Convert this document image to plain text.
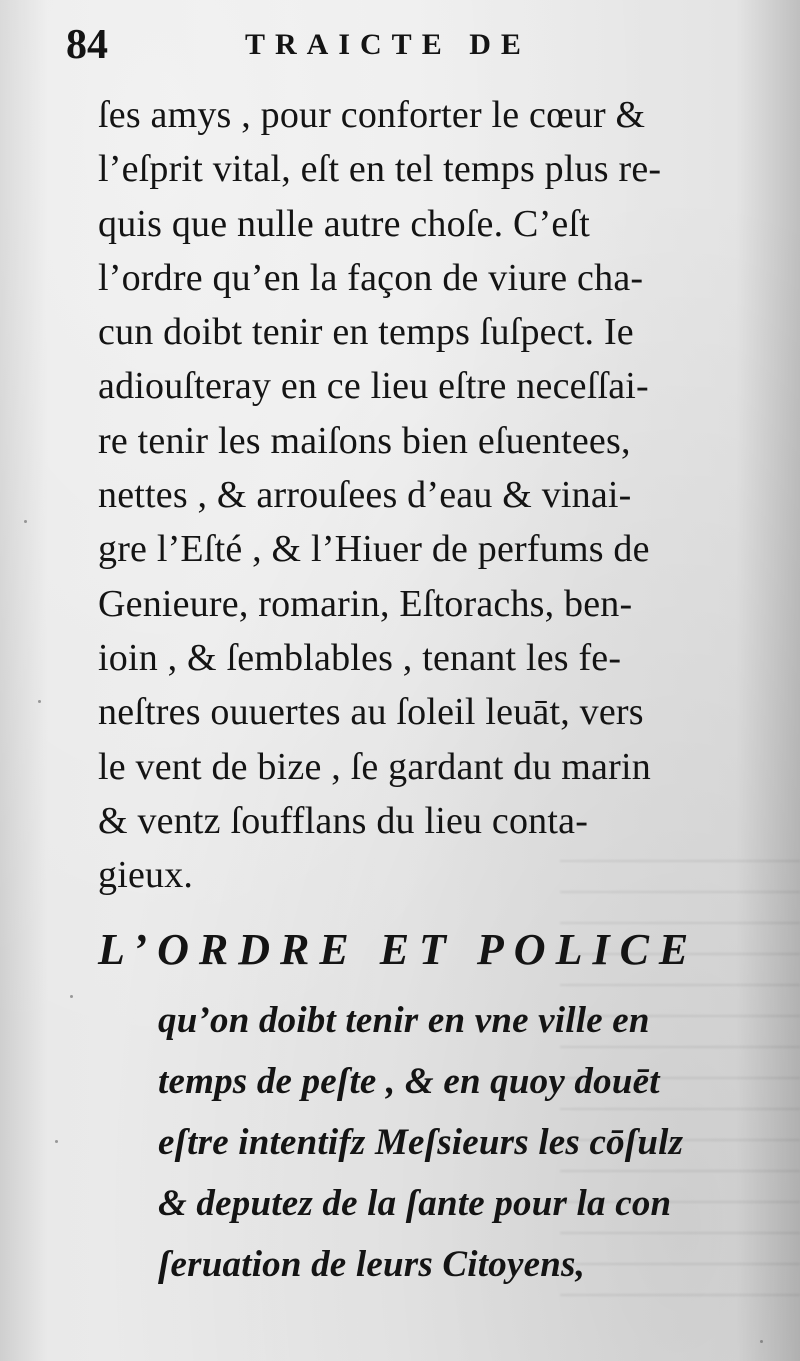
84	TRAICTE DE
ſes amys , pour conforter le cœur &
l’eſprit vital, eſt en tel temps plus re-
quis que nulle autre choſe. C’eſt
l’ordre qu’en la façon de viure cha-
cun doibt tenir en temps ſuſpect. Ie
adiouſteray en ce lieu eſtre neceſſai-
re tenir les maiſons bien eſuentees,
nettes , & arrouſees d’eau & vinai-
gre l’Eſté , & l’Hiuer de perfums de
Genieure, romarin, Eſtorachs, ben-
ioin , & ſemblables , tenant les fe-
neſtres ouuertes au ſoleil leuāt, vers
le vent de bize , ſe gardant du marin
& ventz ſoufflans du lieu conta-
gieux.
L’ORDRE ET POLICE
qu’on doibt tenir en vne ville en
temps de peſte , & en quoy douēt
eſtre intentifz Meſsieurs les cōſulz
& deputez de la ſante pour la con
ſeruation de leurs Citoyens,
